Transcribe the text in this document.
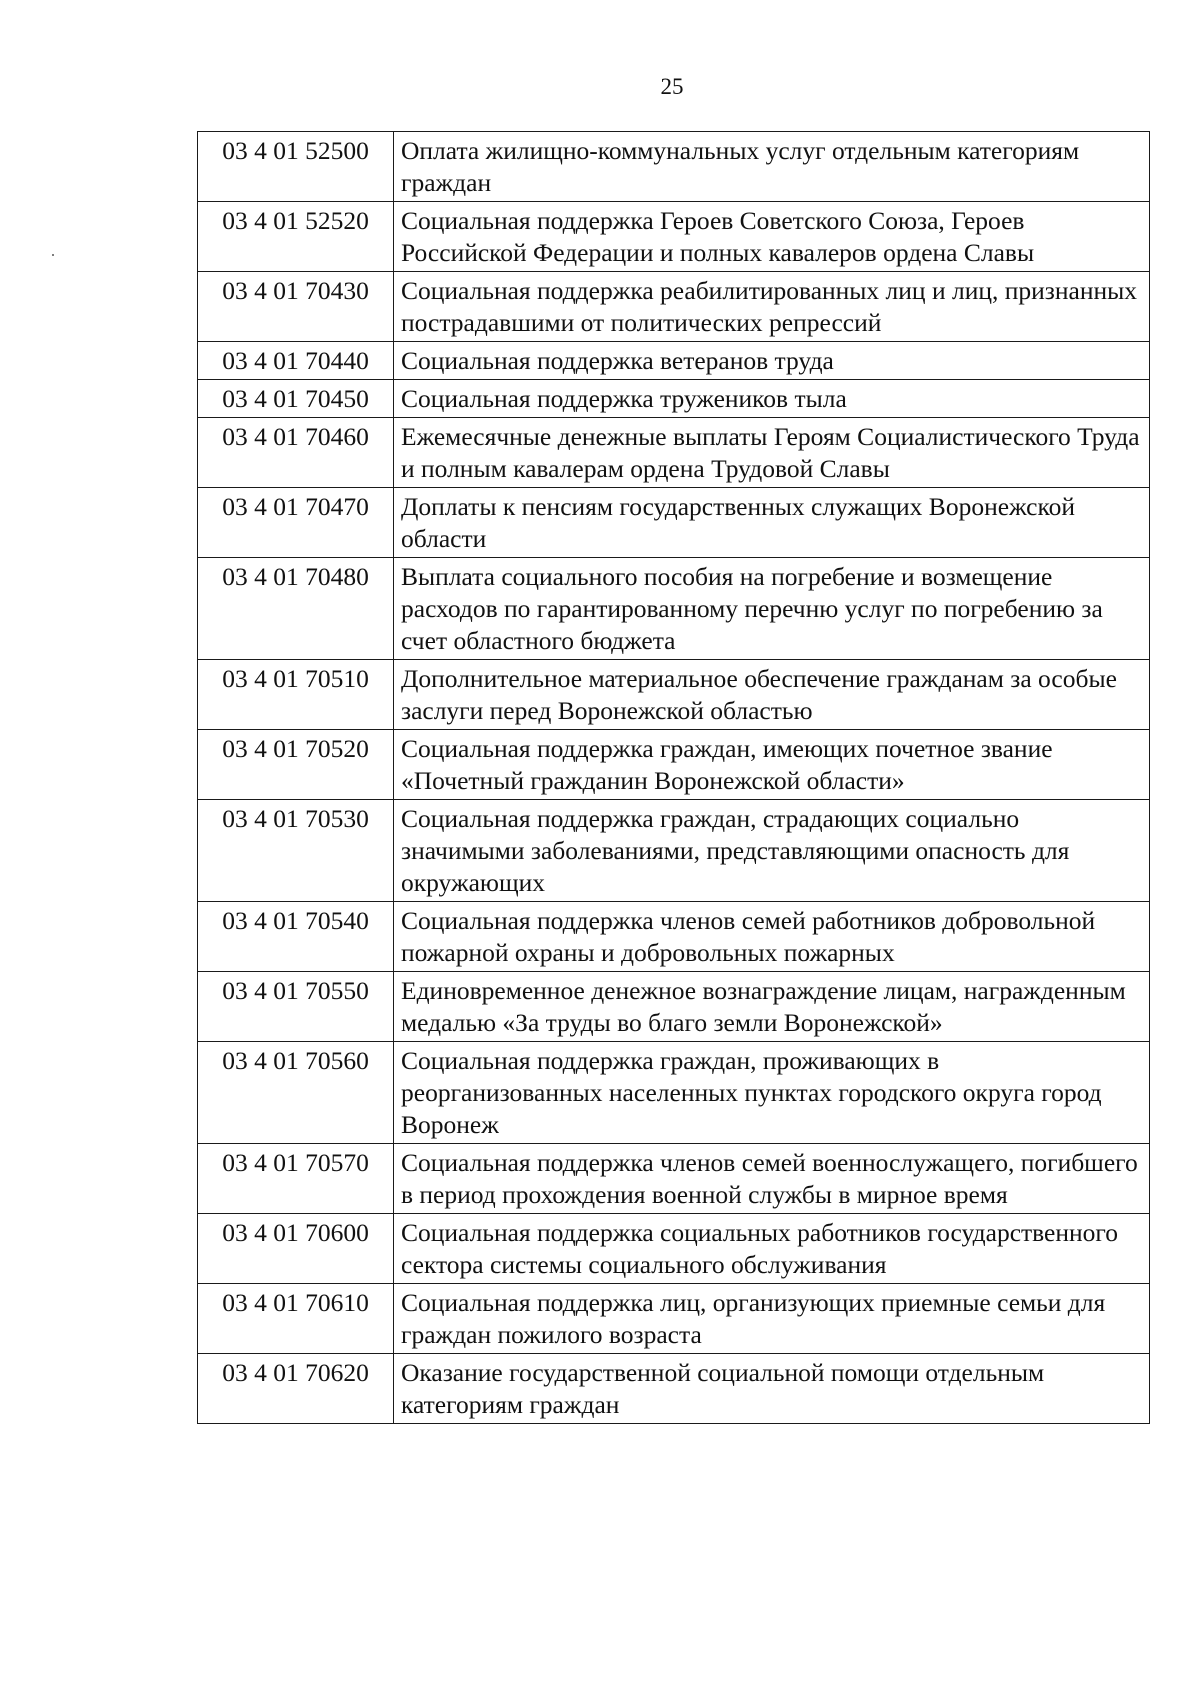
25
03 4 01 52500	Оплата жилищно-коммунальных услуг отдельным категориям граждан
03 4 01 52520	Социальная поддержка Героев Советского Союза, Героев Российской Федерации и полных кавалеров ордена Славы
03 4 01 70430	Социальная поддержка реабилитированных лиц и лиц, признанных пострадавшими от политических репрессий
03 4 01 70440	Социальная поддержка ветеранов труда
03 4 01 70450	Социальная поддержка тружеников тыла
03 4 01 70460	Ежемесячные денежные выплаты Героям Социалистического Труда и полным кавалерам ордена Трудовой Славы
03 4 01 70470	Доплаты к пенсиям государственных служащих Воронежской области
03 4 01 70480	Выплата социального пособия на погребение и возмещение расходов по гарантированному перечню услуг по погребению за счет областного бюджета
03 4 01 70510	Дополнительное материальное обеспечение гражданам за особые заслуги перед Воронежской областью
03 4 01 70520	Социальная поддержка граждан, имеющих почетное звание «Почетный гражданин Воронежской области»
03 4 01 70530	Социальная поддержка граждан, страдающих социально значимыми заболеваниями, представляющими опасность для окружающих
03 4 01 70540	Социальная поддержка членов семей работников добровольной пожарной охраны и добровольных пожарных
03 4 01 70550	Единовременное денежное вознаграждение лицам, награжденным медалью «За труды во благо земли Воронежской»
03 4 01 70560	Социальная поддержка граждан, проживающих в реорганизованных населенных пунктах городского округа город Воронеж
03 4 01 70570	Социальная поддержка членов семей военнослужащего, погибшего в период прохождения военной службы в мирное время
03 4 01 70600	Социальная поддержка социальных работников государственного сектора системы социального обслуживания
03 4 01 70610	Социальная поддержка лиц, организующих приемные семьи для граждан пожилого возраста
03 4 01 70620	Оказание государственной социальной помощи отдельным категориям граждан
